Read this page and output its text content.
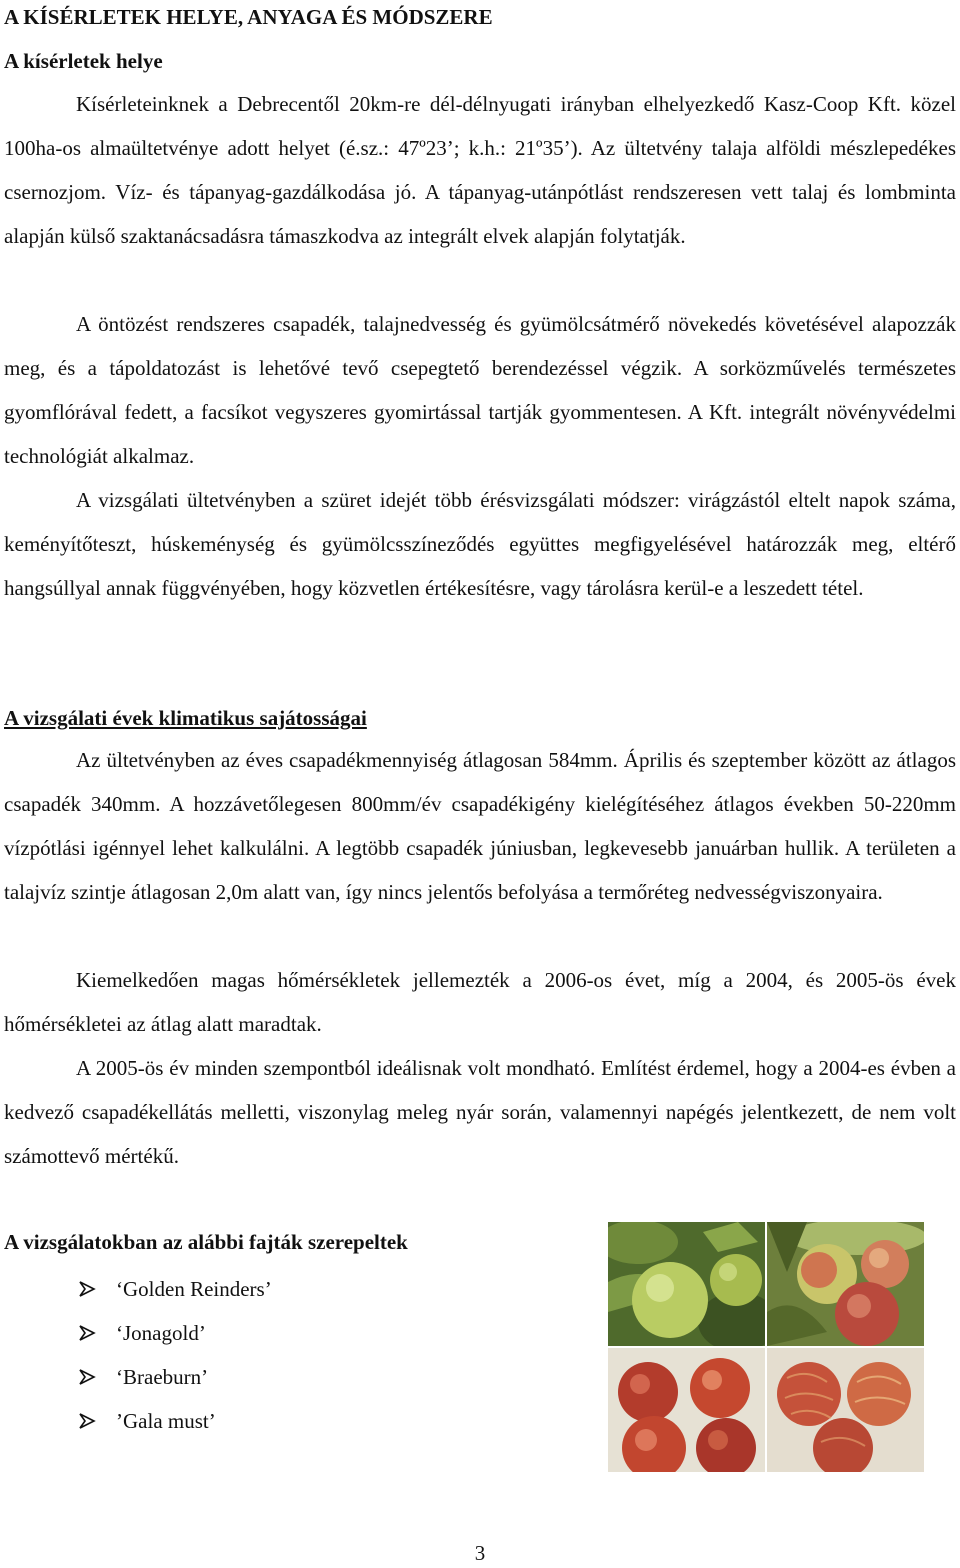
A KÍSÉRLETEK HELYE, ANYAGA ÉS MÓDSZERE
A kísérletek helye

Kísérleteinknek a Debrecentől 20km-re dél-délnyugati irányban elhelyezkedő Kasz-Coop Kft. közel 100ha-os almaültetvénye adott helyet (é.sz.: 47º23’; k.h.: 21º35’). Az ültetvény talaja alföldi mészlepedékes csernozjom. Víz- és tápanyag-gazdálkodása jó. A tápanyag-utánpótlást rendszeresen vett talaj és lombminta alapján külső szaktanácsadásra támaszkodva az integrált elvek alapján folytatják.

A öntözést rendszeres csapadék, talajnedvesség és gyümölcsátmérő növekedés követésével alapozzák meg, és a tápoldatozást is lehetővé tevő csepegtető berendezéssel végzik. A sorközművelés természetes gyomflórával fedett, a facsíkot vegyszeres gyomirtással tartják gyommentesen. A Kft. integrált növényvédelmi technológiát alkalmaz.

A vizsgálati ültetvényben a szüret idejét több érésvizsgálati módszer: virágzástól eltelt napok száma, keményítőteszt, húskeménység és gyümölcsszíneződés együttes megfigyelésével határozzák meg, eltérő hangsúllyal annak függvényében, hogy közvetlen értékesítésre, vagy tárolásra kerül-e a leszedett tétel.

A vizsgálati évek klimatikus sajátosságai

Az ültetvényben az éves csapadékmennyiség átlagosan 584mm. Április és szeptember között az átlagos csapadék 340mm. A hozzávetőlegesen 800mm/év csapadékigény kielégítéséhez átlagos években 50-220mm vízpótlási igénnyel lehet kalkulálni. A legtöbb csapadék júniusban, legkevesebb januárban hullik. A területen a talajvíz szintje átlagosan 2,0m alatt van, így nincs jelentős befolyása a termőréteg nedvességviszonyaira.

Kiemelkedően magas hőmérsékletek jellemezték a 2006-os évet, míg a 2004, és 2005-ös évek hőmérsékletei az átlag alatt maradtak.

A 2005-ös év minden szempontból ideálisnak volt mondható. Említést érdemel, hogy a 2004-es évben a kedvező csapadékellátás melletti, viszonylag meleg nyár során, valamennyi napégés jelentkezett, de nem volt számottevő mértékű.

A vizsgálatokban az alábbi fajták szerepeltek
‘Golden Reinders’
‘Jonagold’
‘Braeburn’
’Gala must’
3
